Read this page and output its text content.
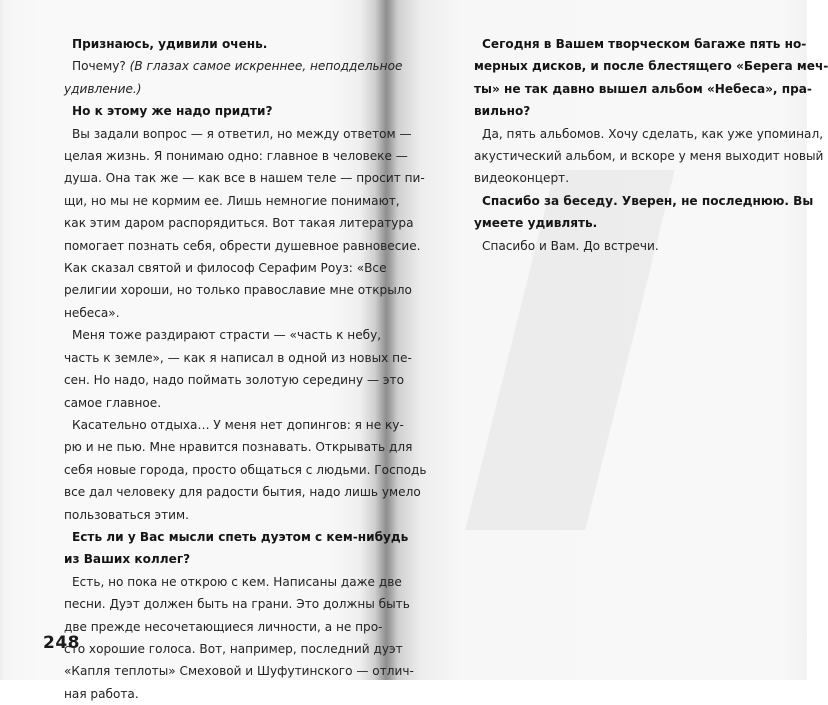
Признаюсь, удивили очень.

Почему? (В глазах самое искреннее, неподдельное

удивление.)

Но к этому же надо придти?

Вы задали вопрос — я ответил, но между ответом —

целая жизнь. Я понимаю одно: главное в человеке —

душа. Она так же — как все в нашем теле — просит пи-

щи, но мы не кормим ее. Лишь немногие понимают,

как этим даром распорядиться. Вот такая литература

помогает познать себя, обрести душевное равновесие.

Как сказал святой и философ Серафим Роуз: «Все

религии хороши, но только православие мне открыло

небеса».

Меня тоже раздирают страсти — «часть к небу,

часть к земле», — как я написал в одной из новых пе-

сен. Но надо, надо поймать золотую середину — это

самое главное.

Касательно отдыха… У меня нет допингов: я не ку-

рю и не пью. Мне нравится познавать. Открывать для

себя новые города, просто общаться с людьми. Господь

все дал человеку для радости бытия, надо лишь умело

пользоваться этим.

Есть ли у Вас мысли спеть дуэтом с кем-нибудь

из Ваших коллег?

Есть, но пока не открою с кем. Написаны даже две

песни. Дуэт должен быть на грани. Это должны быть

две прежде несочетающиеся личности, а не про-

сто хорошие голоса. Вот, например, последний дуэт

«Капля теплоты» Смеховой и Шуфутинского — отлич-

ная работа.

248

Сегодня в Вашем творческом багаже пять но-

мерных дисков, и после блестящего «Берега меч-

ты» не так давно вышел альбом «Небеса», пра-

вильно?

Да, пять альбомов. Хочу сделать, как уже упоминал,

акустический альбом, и вскоре у меня выходит новый

видеоконцерт.

Спасибо за беседу. Уверен, не последнюю. Вы

умеете удивлять.

Спасибо и Вам. До встречи.
